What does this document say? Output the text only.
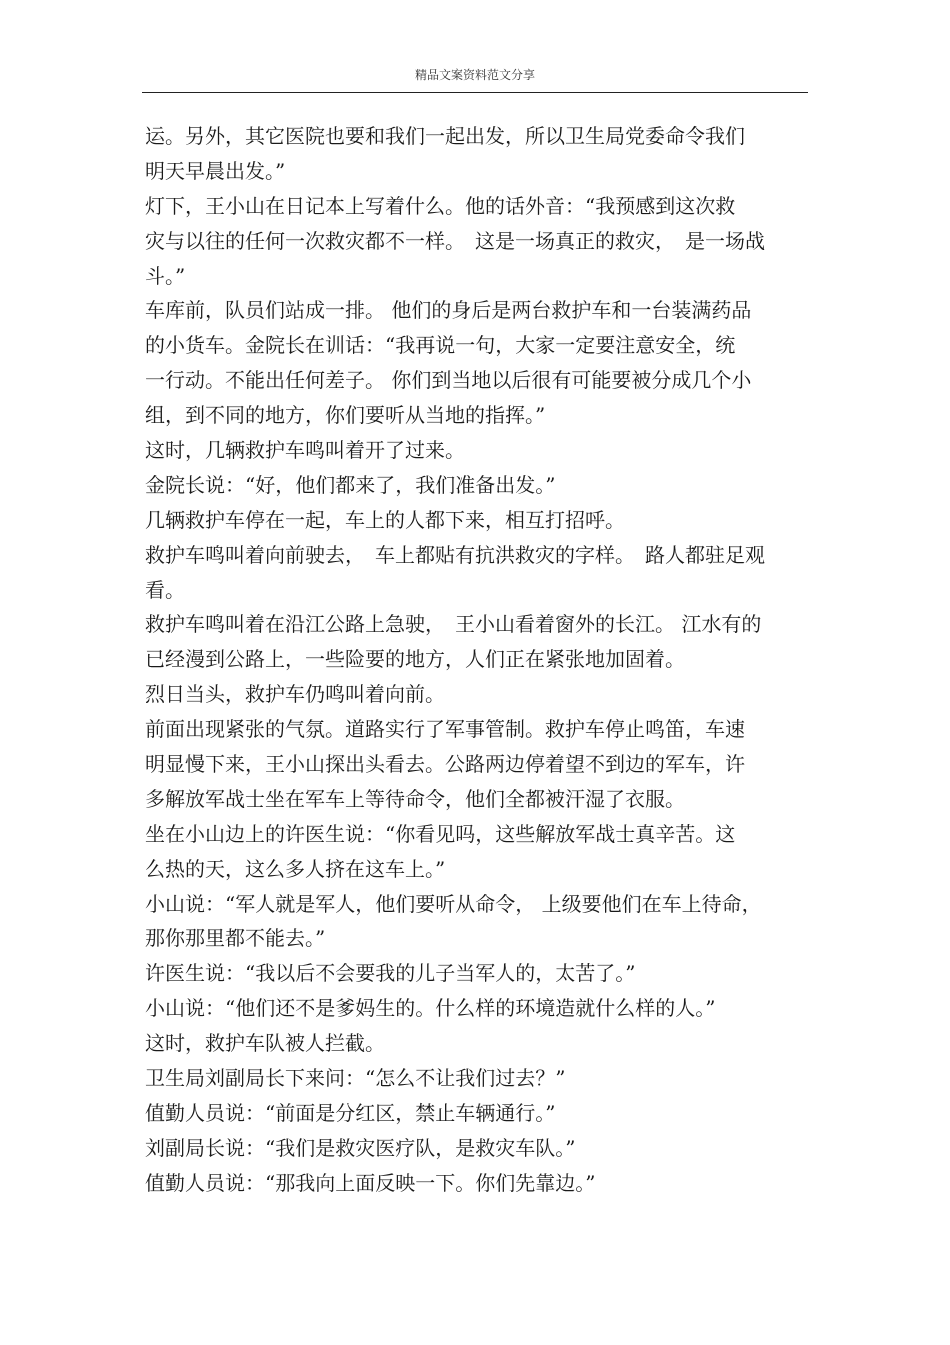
精品文案资料范文分享
运。另外，其它医院也要和我们一起出发，所以卫生局党委命令我们
明天早晨出发。”
灯下，王小山在日记本上写着什么。他的话外音：“我预感到这次救
灾与以往的任何一次救灾都不一样。　这是一场真正的救灾，　是一场战
斗。”
车库前，队员们站成一排。 他们的身后是两台救护车和一台装满药品
的小货车。金院长在训话：“我再说一句，大家一定要注意安全，统
一行动。不能出任何差子。 你们到当地以后很有可能要被分成几个小
组，到不同的地方，你们要听从当地的指挥。”
这时，几辆救护车鸣叫着开了过来。
金院长说：“好，他们都来了，我们准备出发。”
几辆救护车停在一起，车上的人都下来，相互打招呼。
救护车鸣叫着向前驶去，　车上都贴有抗洪救灾的字样。　路人都驻足观
看。
救护车鸣叫着在沿江公路上急驶，　王小山看着窗外的长江。 江水有的
已经漫到公路上，一些险要的地方，人们正在紧张地加固着。
烈日当头，救护车仍鸣叫着向前。
前面出现紧张的气氛。道路实行了军事管制。救护车停止鸣笛，车速
明显慢下来，王小山探出头看去。公路两边停着望不到边的军车，许
多解放军战士坐在军车上等待命令，他们全都被汗湿了衣服。
坐在小山边上的许医生说：“你看见吗，这些解放军战士真辛苦。这
么热的天，这么多人挤在这车上。”
小山说：“军人就是军人，他们要听从命令， 上级要他们在车上待命，
那你那里都不能去。”
许医生说：“我以后不会要我的儿子当军人的，太苦了。”
小山说：“他们还不是爹妈生的。什么样的环境造就什么样的人。”
这时，救护车队被人拦截。
卫生局刘副局长下来问：“怎么不让我们过去？”
值勤人员说：“前面是分红区，禁止车辆通行。”
刘副局长说：“我们是救灾医疗队，是救灾车队。”
值勤人员说：“那我向上面反映一下。你们先靠边。”
